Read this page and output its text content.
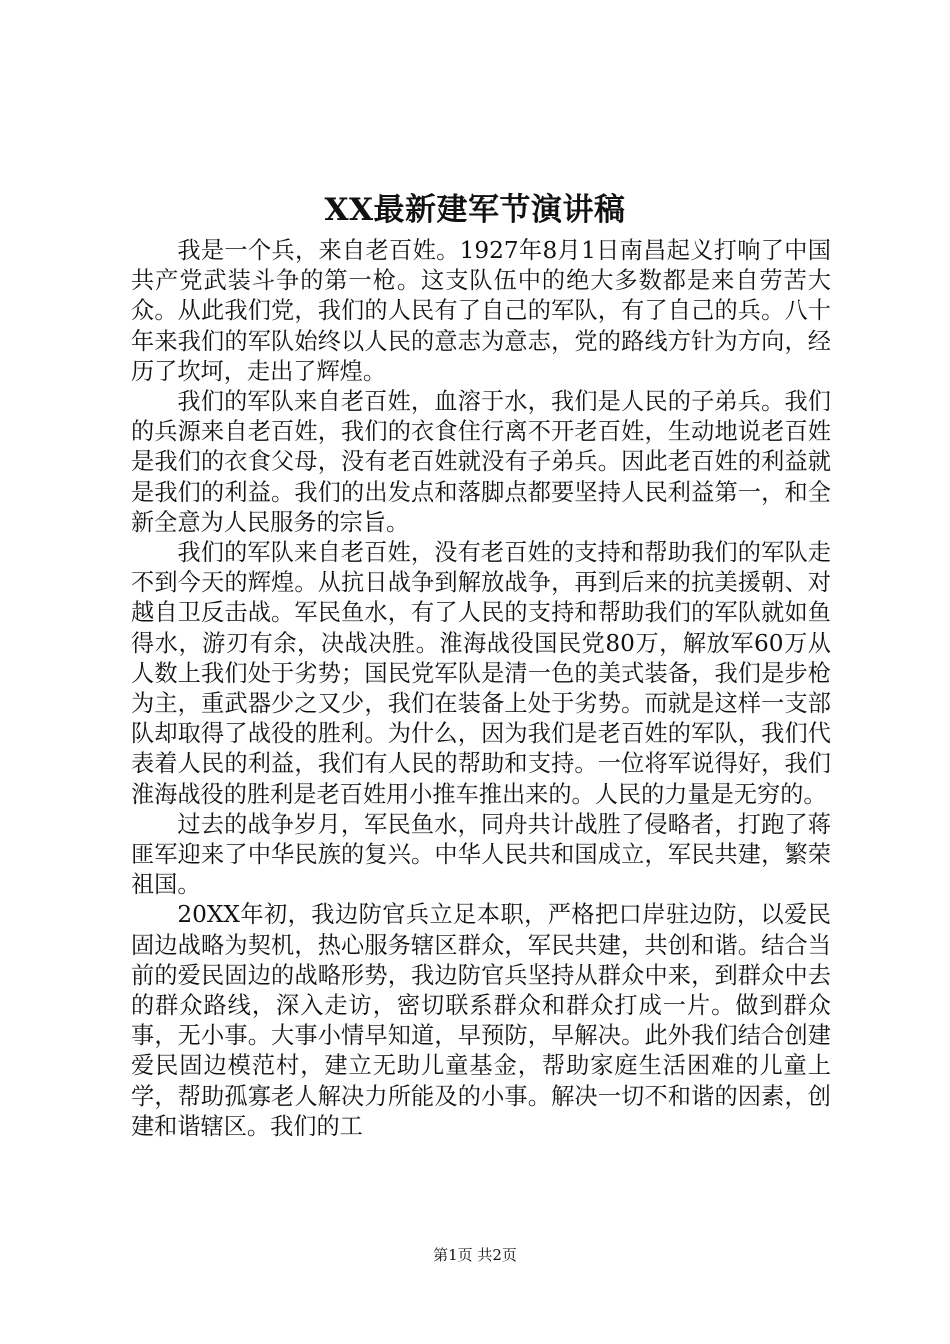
XX最新建军节演讲稿

我是一个兵，来自老百姓。1927年8月1日南昌起义打响了中国共产党武装斗争的第一枪。这支队伍中的绝大多数都是来自劳苦大众。从此我们党，我们的人民有了自己的军队，有了自己的兵。八十年来我们的军队始终以人民的意志为意志，党的路线方针为方向，经历了坎坷，走出了辉煌。

我们的军队来自老百姓，血溶于水，我们是人民的子弟兵。我们的兵源来自老百姓，我们的衣食住行离不开老百姓，生动地说老百姓是我们的衣食父母，没有老百姓就没有子弟兵。因此老百姓的利益就是我们的利益。我们的出发点和落脚点都要坚持人民利益第一，和全新全意为人民服务的宗旨。

我们的军队来自老百姓，没有老百姓的支持和帮助我们的军队走不到今天的辉煌。从抗日战争到解放战争，再到后来的抗美援朝、对越自卫反击战。军民鱼水，有了人民的支持和帮助我们的军队就如鱼得水，游刃有余，决战决胜。淮海战役国民党80万，解放军60万从人数上我们处于劣势；国民党军队是清一色的美式装备，我们是步枪为主，重武器少之又少，我们在装备上处于劣势。而就是这样一支部队却取得了战役的胜利。为什么，因为我们是老百姓的军队，我们代表着人民的利益，我们有人民的帮助和支持。一位将军说得好，我们淮海战役的胜利是老百姓用小推车推出来的。人民的力量是无穷的。

过去的战争岁月，军民鱼水，同舟共计战胜了侵略者，打跑了蒋匪军迎来了中华民族的复兴。中华人民共和国成立，军民共建，繁荣祖国。

20XX年初，我边防官兵立足本职，严格把口岸驻边防，以爱民固边战略为契机，热心服务辖区群众，军民共建，共创和谐。结合当前的爱民固边的战略形势，我边防官兵坚持从群众中来，到群众中去的群众路线，深入走访，密切联系群众和群众打成一片。做到群众事，无小事。大事小情早知道，早预防，早解决。此外我们结合创建爱民固边模范村，建立无助儿童基金，帮助家庭生活困难的儿童上学，帮助孤寡老人解决力所能及的小事。解决一切不和谐的因素，创建和谐辖区。我们的工

第1页 共2页
